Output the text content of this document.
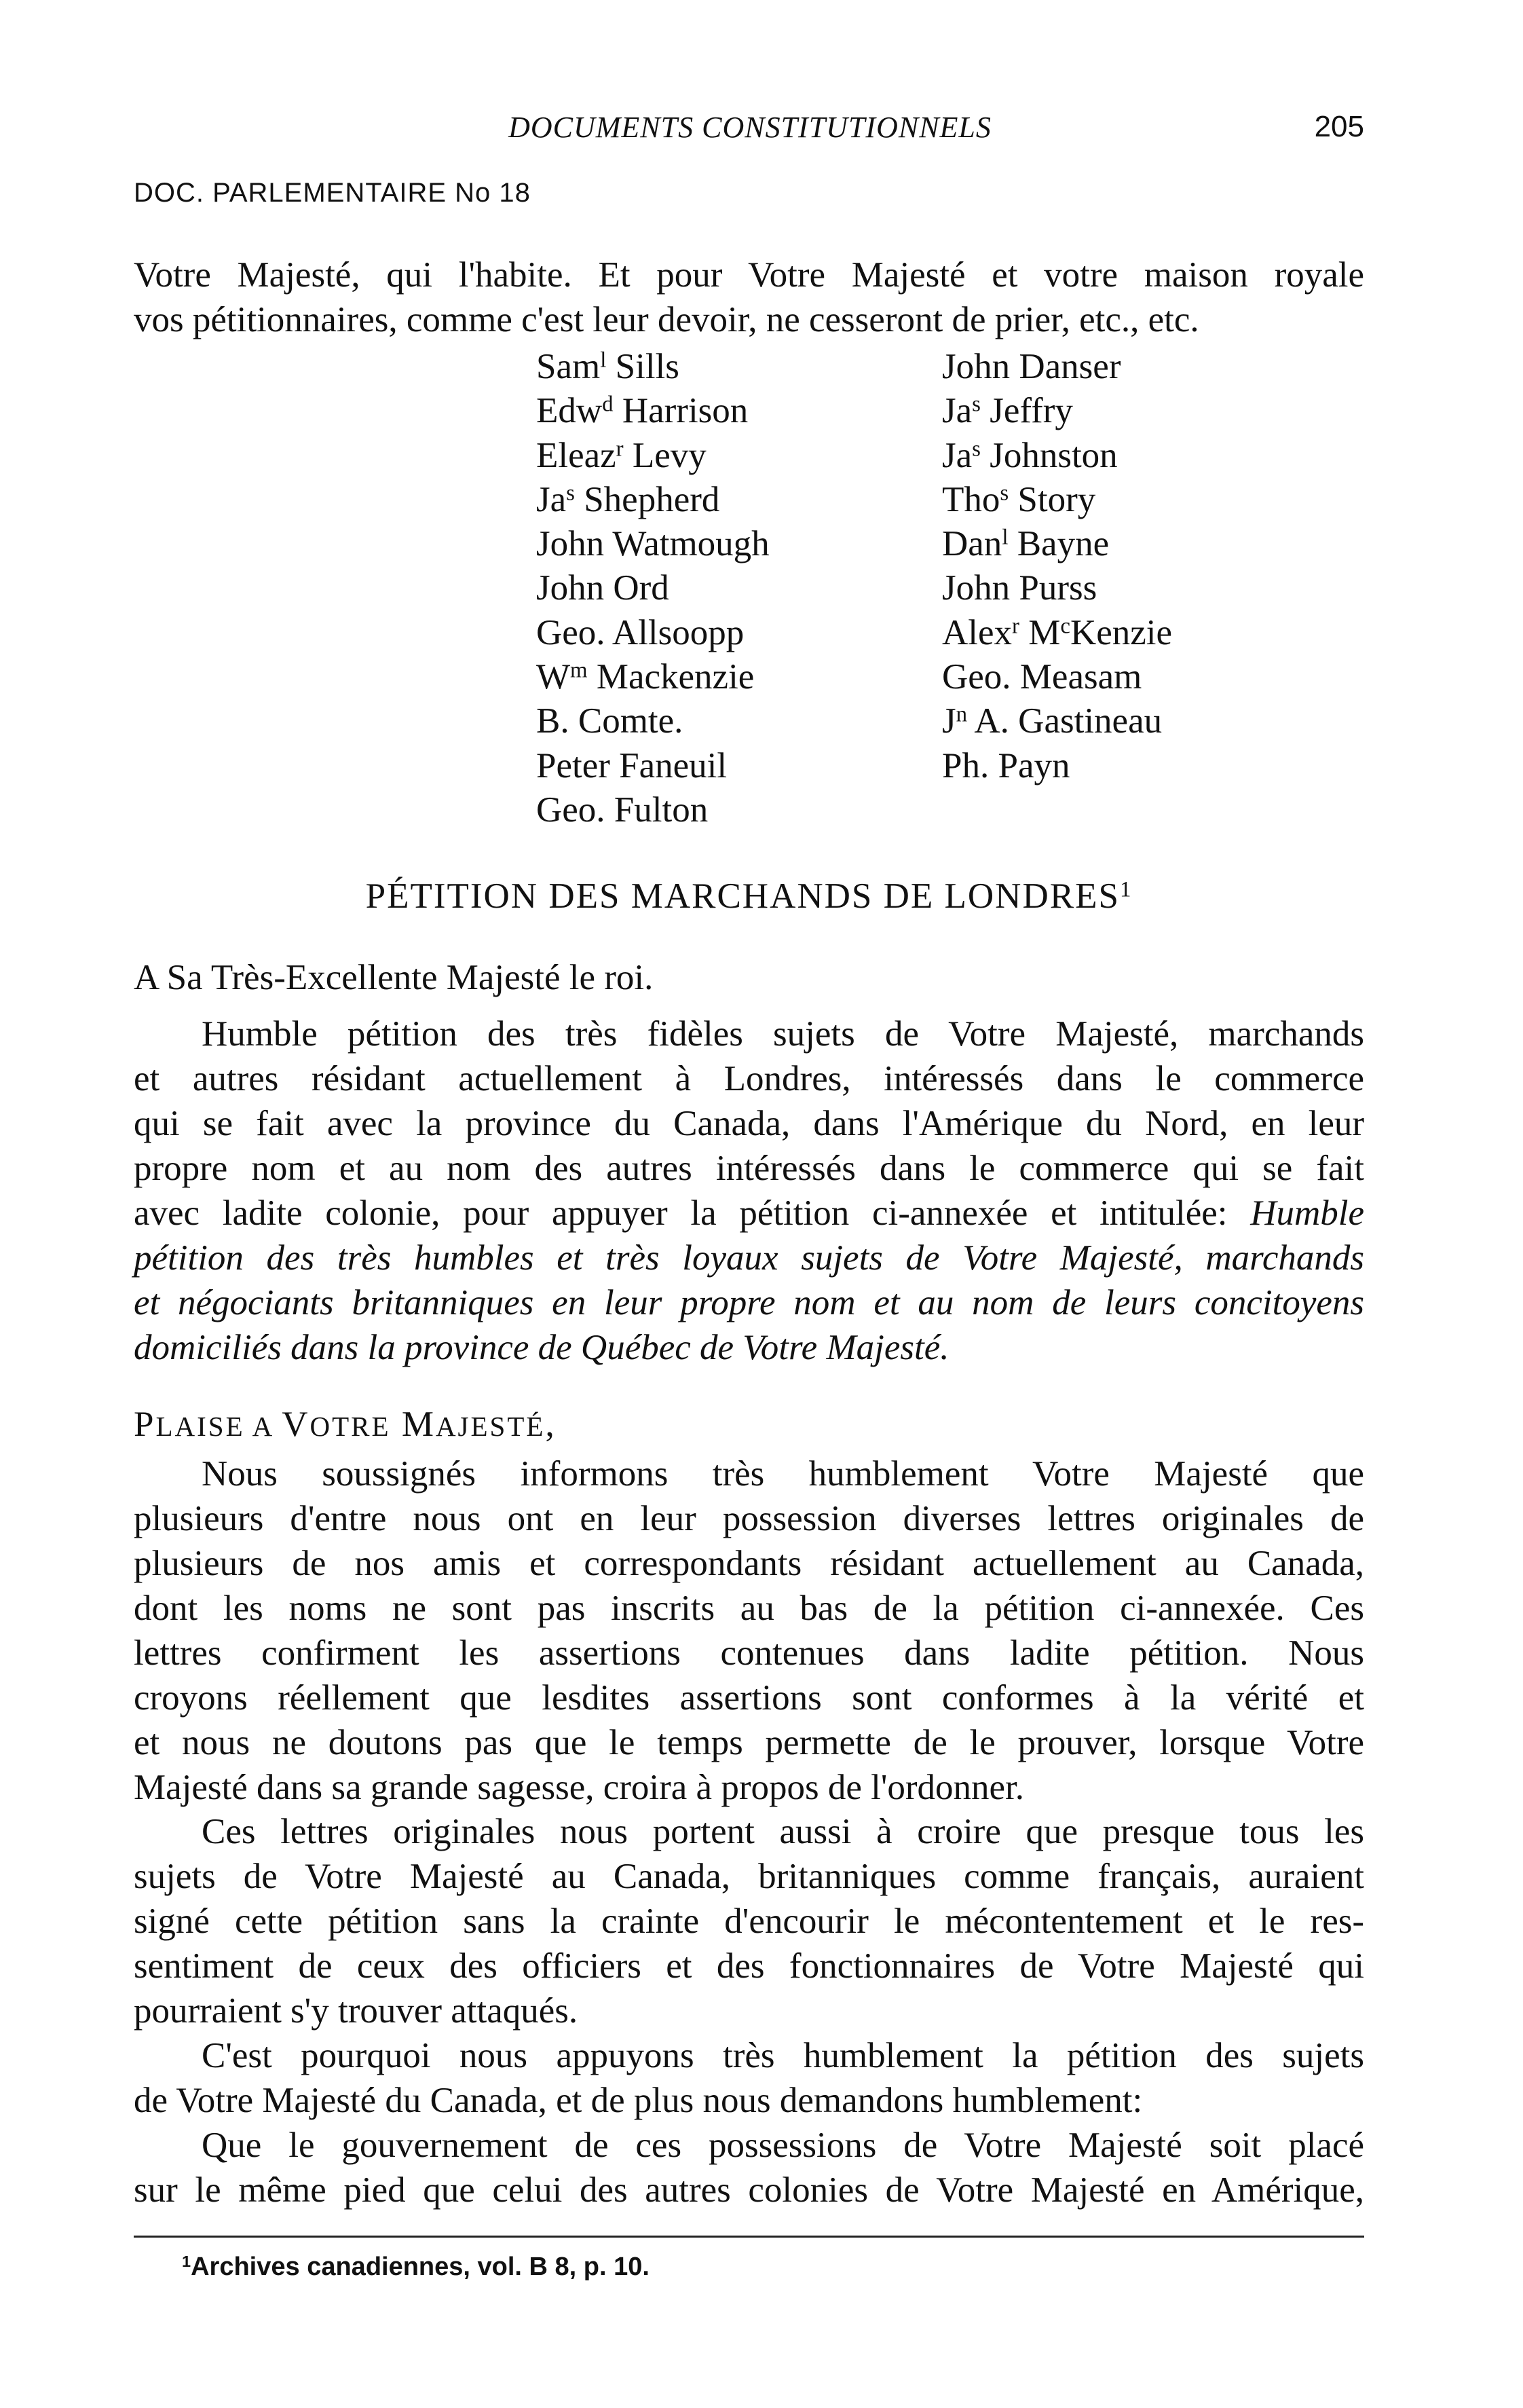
DOCUMENTS CONSTITUTIONNELS	205
DOC. PARLEMENTAIRE No 18
Votre Majesté, qui l'habite. Et pour Votre Majesté et votre maison royale
vos pétitionnaires, comme c'est leur devoir, ne cesseront de prier, etc., etc.
Sam$^l$ Sills
Edw$^d$ Harrison
Eleaz$^r$ Levy
Ja$^s$ Shepherd
John Watmough
John Ord
Geo. Allsoopp
$W^m$ Mackenzie
B. Comte.
Peter Faneuil
Geo. Fulton
John Danser
Ja$^s$ Jeffry
Ja$^s$ Johnston
Tho$^s$ Story
Dan$^l$ Bayne
John Purss
Alex$^r$ $M^cKenzie$
Geo. Measam
$J^n$ A. Gastineau
Ph. Payn
PÉTITION DES MARCHANDS DE LONDRES$^1$
A Sa Très-Excellente Majesté le roi.
Humble pétition des très fidèles sujets de Votre Majesté, marchands
et autres résidant actuellement à Londres, intéressés dans le commerce
qui se fait avec la province du Canada, dans l'Amérique du Nord, en leur
propre nom et au nom des autres intéressés dans le commerce qui se fait
avec ladite colonie, pour appuyer la pétition ci-annexée et intitulée: Humble
pétition des très humbles et très loyaux sujets de Votre Majesté, marchands
et négociants britanniques en leur propre nom et au nom de leurs concitoyens
domiciliés dans la province de Québec de Votre Majesté.
PLAISE A VOTRE MAJESTÉ,
Nous soussignés informons très humblement Votre Majesté que
plusieurs d'entre nous ont en leur possession diverses lettres originales de
plusieurs de nos amis et correspondants résidant actuellement au Canada,
dont les noms ne sont pas inscrits au bas de la pétition ci-annexée. Ces
lettres confirment les assertions contenues dans ladite pétition. Nous
croyons réellement que lesdites assertions sont conformes à la vérité et
et nous ne doutons pas que le temps permette de le prouver, lorsque Votre
Majesté dans sa grande sagesse, croira à propos de l'ordonner.
Ces lettres originales nous portent aussi à croire que presque tous les
sujets de Votre Majesté au Canada, britanniques comme français, auraient
signé cette pétition sans la crainte d'encourir le mécontentement et le res-
sentiment de ceux des officiers et des fonctionnaires de Votre Majesté qui
pourraient s'y trouver attaqués.
C'est pourquoi nous appuyons très humblement la pétition des sujets
de Votre Majesté du Canada, et de plus nous demandons humblement:
Que le gouvernement de ces possessions de Votre Majesté soit placé
sur le même pied que celui des autres colonies de Votre Majesté en Amérique,
$^1$Archives canadiennes, vol. B 8, p. 10.
